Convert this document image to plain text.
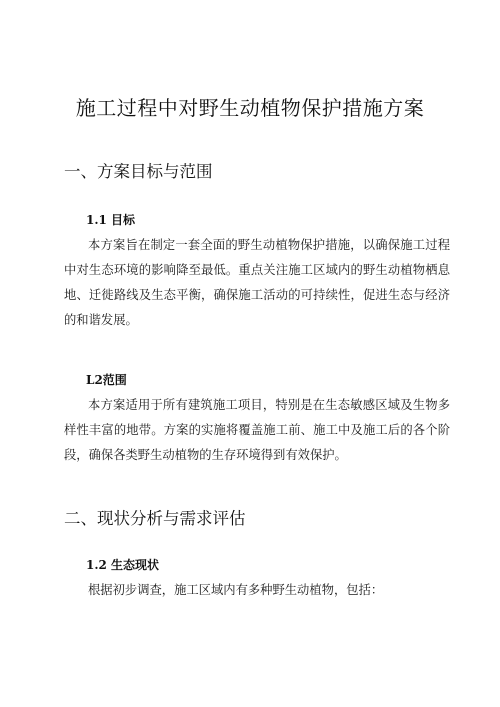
施工过程中对野生动植物保护措施方案
一、方案目标与范围
1.1 目标
本方案旨在制定一套全面的野生动植物保护措施，以确保施工过程中对生态环境的影响降至最低。重点关注施工区域内的野生动植物栖息地、迁徙路线及生态平衡，确保施工活动的可持续性，促进生态与经济的和谐发展。
L2范围
本方案适用于所有建筑施工项目，特别是在生态敏感区域及生物多样性丰富的地带。方案的实施将覆盖施工前、施工中及施工后的各个阶段，确保各类野生动植物的生存环境得到有效保护。
二、现状分析与需求评估
1.2 生态现状
根据初步调查，施工区域内有多种野生动植物，包括：
